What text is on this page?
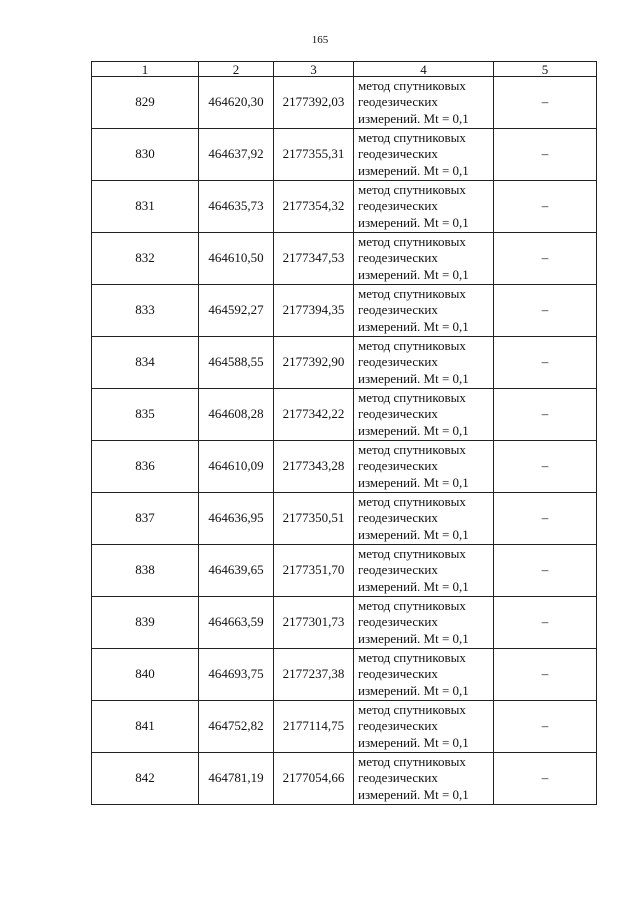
165
1	2	3	4	5
829	464620,30	2177392,03	метод спутниковых
геодезических
измерений. Mt = 0,1	–
830	464637,92	2177355,31	метод спутниковых
геодезических
измерений. Mt = 0,1	–
831	464635,73	2177354,32	метод спутниковых
геодезических
измерений. Mt = 0,1	–
832	464610,50	2177347,53	метод спутниковых
геодезических
измерений. Mt = 0,1	–
833	464592,27	2177394,35	метод спутниковых
геодезических
измерений. Mt = 0,1	–
834	464588,55	2177392,90	метод спутниковых
геодезических
измерений. Mt = 0,1	–
835	464608,28	2177342,22	метод спутниковых
геодезических
измерений. Mt = 0,1	–
836	464610,09	2177343,28	метод спутниковых
геодезических
измерений. Mt = 0,1	–
837	464636,95	2177350,51	метод спутниковых
геодезических
измерений. Mt = 0,1	–
838	464639,65	2177351,70	метод спутниковых
геодезических
измерений. Mt = 0,1	–
839	464663,59	2177301,73	метод спутниковых
геодезических
измерений. Mt = 0,1	–
840	464693,75	2177237,38	метод спутниковых
геодезических
измерений. Mt = 0,1	–
841	464752,82	2177114,75	метод спутниковых
геодезических
измерений. Mt = 0,1	–
842	464781,19	2177054,66	метод спутниковых
геодезических
измерений. Mt = 0,1	–
